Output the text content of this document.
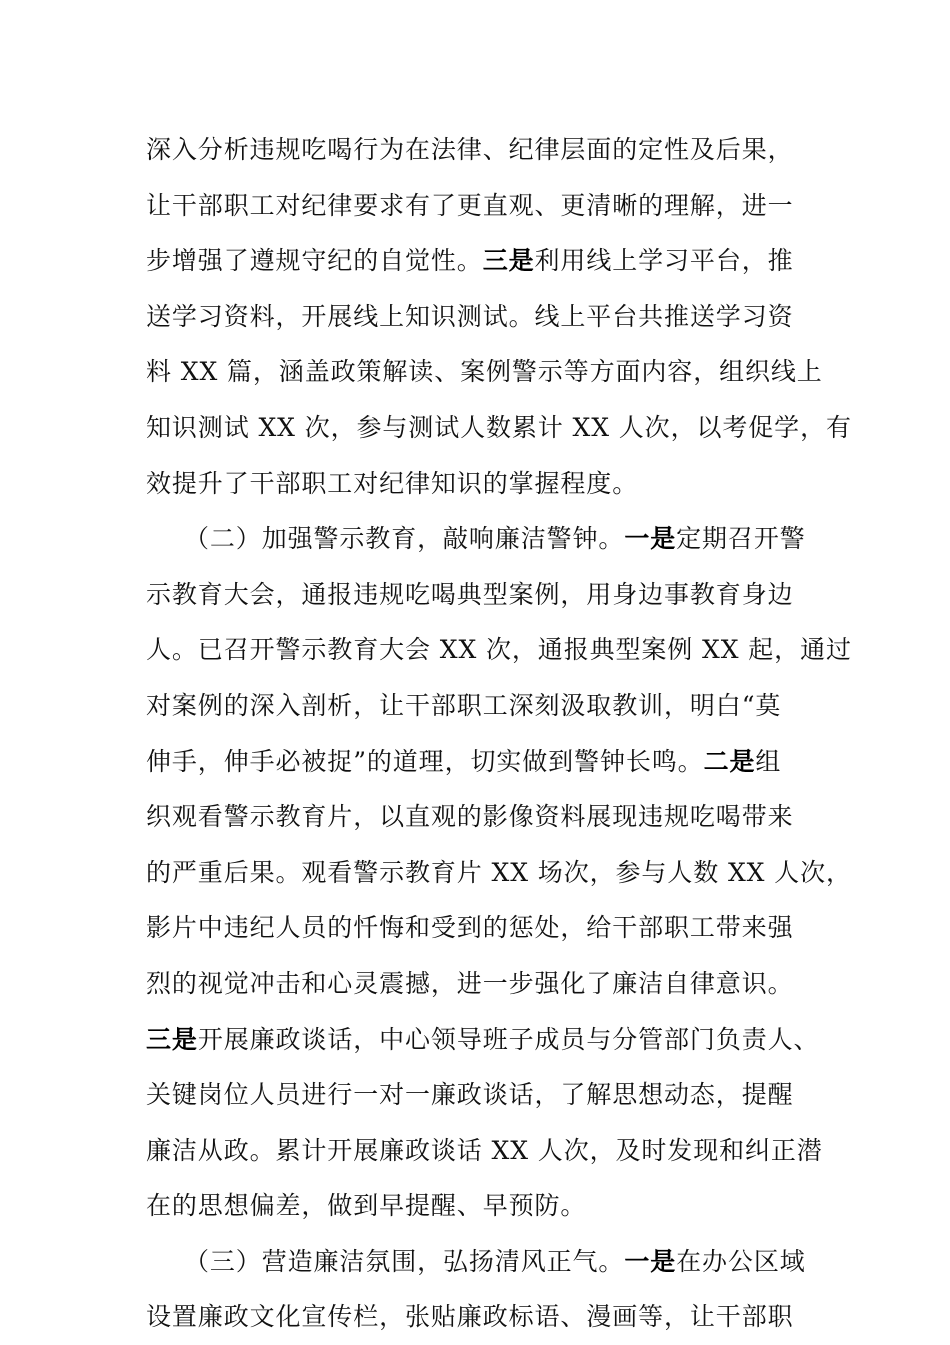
深入分析违规吃喝行为在法律、纪律层面的定性及后果，
让干部职工对纪律要求有了更直观、更清晰的理解，进一
步增强了遵规守纪的自觉性。三是利用线上学习平台，推
送学习资料，开展线上知识测试。线上平台共推送学习资
料 XX 篇，涵盖政策解读、案例警示等方面内容，组织线上
知识测试 XX 次，参与测试人数累计 XX 人次，以考促学，有
效提升了干部职工对纪律知识的掌握程度。
（二）加强警示教育，敲响廉洁警钟。一是定期召开警
示教育大会，通报违规吃喝典型案例，用身边事教育身边
人。已召开警示教育大会 XX 次，通报典型案例 XX 起，通过
对案例的深入剖析，让干部职工深刻汲取教训，明白“莫
伸手，伸手必被捉”的道理，切实做到警钟长鸣。二是组
织观看警示教育片，以直观的影像资料展现违规吃喝带来
的严重后果。观看警示教育片 XX 场次，参与人数 XX 人次，
影片中违纪人员的忏悔和受到的惩处，给干部职工带来强
烈的视觉冲击和心灵震撼，进一步强化了廉洁自律意识。
三是开展廉政谈话，中心领导班子成员与分管部门负责人、
关键岗位人员进行一对一廉政谈话，了解思想动态，提醒
廉洁从政。累计开展廉政谈话 XX 人次，及时发现和纠正潜
在的思想偏差，做到早提醒、早预防。
（三）营造廉洁氛围，弘扬清风正气。一是在办公区域
设置廉政文化宣传栏，张贴廉政标语、漫画等，让干部职
